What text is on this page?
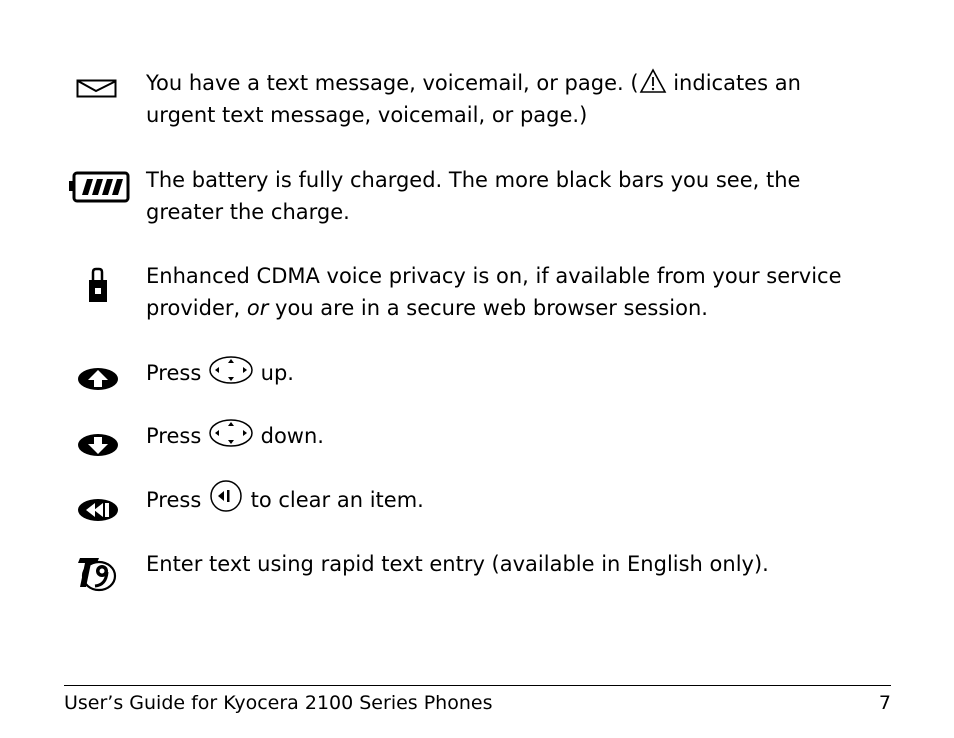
You have a text message, voicemail, or page. ( indicates an
urgent text message, voicemail, or page.)
The battery is fully charged. The more black bars you see, the
greater the charge.
Enhanced CDMA voice privacy is on, if available from your service
provider, or you are in a secure web browser session.
Press  up.
Press  down.
Press  to clear an item.
Enter text using rapid text entry (available in English only).
User’s Guide for Kyocera 2100 Series Phones	7
